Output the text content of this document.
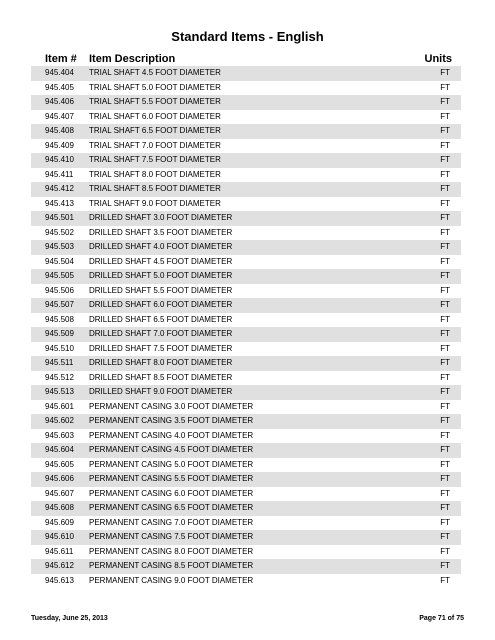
Standard Items - English
Item # Item Description	Units
945.404 TRIAL SHAFT 4.5 FOOT DIAMETER	FT
945.405 TRIAL SHAFT 5.0 FOOT DIAMETER	FT
945.406 TRIAL SHAFT 5.5 FOOT DIAMETER	FT
945.407 TRIAL SHAFT 6.0 FOOT DIAMETER	FT
945.408 TRIAL SHAFT 6.5 FOOT DIAMETER	FT
945.409 TRIAL SHAFT 7.0 FOOT DIAMETER	FT
945.410 TRIAL SHAFT 7.5 FOOT DIAMETER	FT
945.411 TRIAL SHAFT 8.0 FOOT DIAMETER	FT
945.412 TRIAL SHAFT 8.5 FOOT DIAMETER	FT
945.413 TRIAL SHAFT 9.0 FOOT DIAMETER	FT
945.501 DRILLED SHAFT 3.0 FOOT DIAMETER	FT
945.502 DRILLED SHAFT 3.5 FOOT DIAMETER	FT
945.503 DRILLED SHAFT 4.0 FOOT DIAMETER	FT
945.504 DRILLED SHAFT 4.5 FOOT DIAMETER	FT
945.505 DRILLED SHAFT 5.0 FOOT DIAMETER	FT
945.506 DRILLED SHAFT 5.5 FOOT DIAMETER	FT
945.507 DRILLED SHAFT 6.0 FOOT DIAMETER	FT
945.508 DRILLED SHAFT 6.5 FOOT DIAMETER	FT
945.509 DRILLED SHAFT 7.0 FOOT DIAMETER	FT
945.510 DRILLED SHAFT 7.5 FOOT DIAMETER	FT
945.511 DRILLED SHAFT 8.0 FOOT DIAMETER	FT
945.512 DRILLED SHAFT 8.5 FOOT DIAMETER	FT
945.513 DRILLED SHAFT 9.0 FOOT DIAMETER	FT
945.601 PERMANENT CASING 3.0 FOOT DIAMETER	FT
945.602 PERMANENT CASING 3.5 FOOT DIAMETER	FT
945.603 PERMANENT CASING 4.0 FOOT DIAMETER	FT
945.604 PERMANENT CASING 4.5 FOOT DIAMETER	FT
945.605 PERMANENT CASING 5.0 FOOT DIAMETER	FT
945.606 PERMANENT CASING 5.5 FOOT DIAMETER	FT
945.607 PERMANENT CASING 6.0 FOOT DIAMETER	FT
945.608 PERMANENT CASING 6.5 FOOT DIAMETER	FT
945.609 PERMANENT CASING 7.0 FOOT DIAMETER	FT
945.610 PERMANENT CASING 7.5 FOOT DIAMETER	FT
945.611 PERMANENT CASING 8.0 FOOT DIAMETER	FT
945.612 PERMANENT CASING 8.5 FOOT DIAMETER	FT
945.613 PERMANENT CASING 9.0 FOOT DIAMETER	FT
Tuesday, June 25, 2013	Page 71 of 75
